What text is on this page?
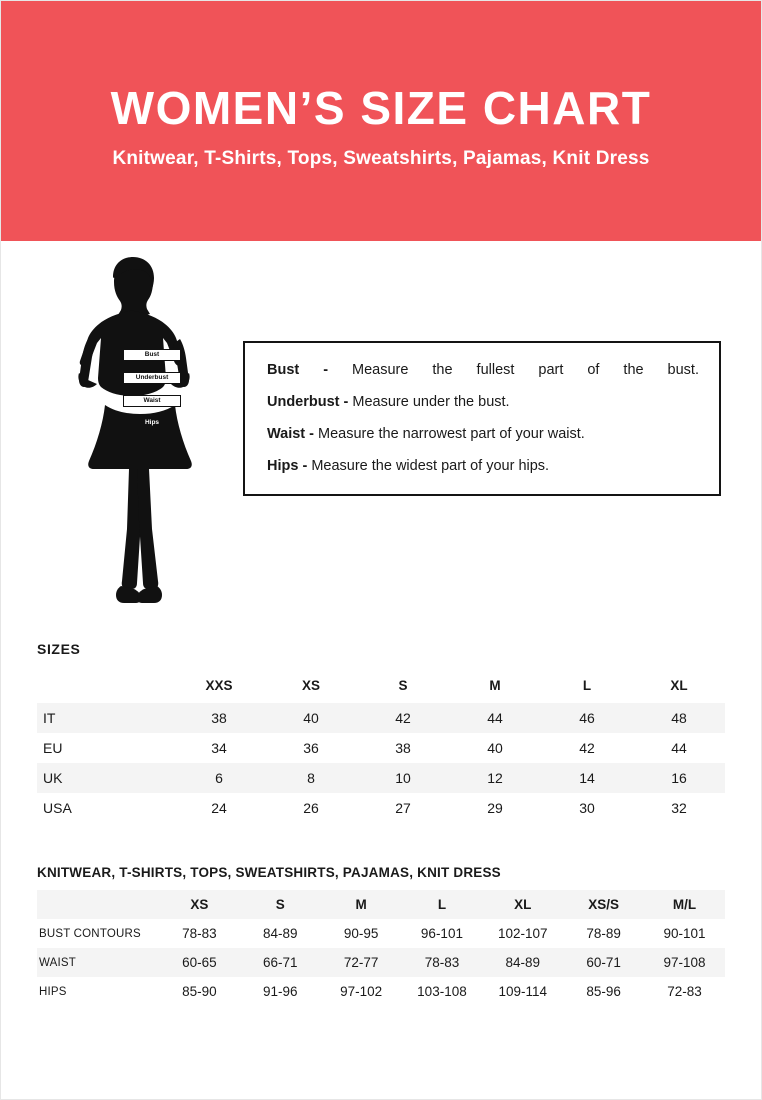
WOMEN’S SIZE CHART
Knitwear, T-Shirts, Tops, Sweatshirts, Pajamas, Knit Dress
Bust
Underbust
Waist
Hips

Bust - Measure the fullest part of the bust.

Underbust - Measure under the bust.

Waist - Measure the narrowest part of your waist.

Hips - Measure the widest part of your hips.

SIZES
	XXS	XS	S	M	L	XL
IT	38	40	42	44	46	48
EU	34	36	38	40	42	44
UK	6	8	10	12	14	16
USA	24	26	27	29	30	32
KNITWEAR, T-SHIRTS, TOPS, SWEATSHIRTS, PAJAMAS, KNIT DRESS
	XS	S	M	L	XL	XS/S	M/L
BUST CONTOURS	78-83	84-89	90-95	96-101	102-107	78-89	90-101
WAIST	60-65	66-71	72-77	78-83	84-89	60-71	97-108
HIPS	85-90	91-96	97-102	103-108	109-114	85-96	72-83
